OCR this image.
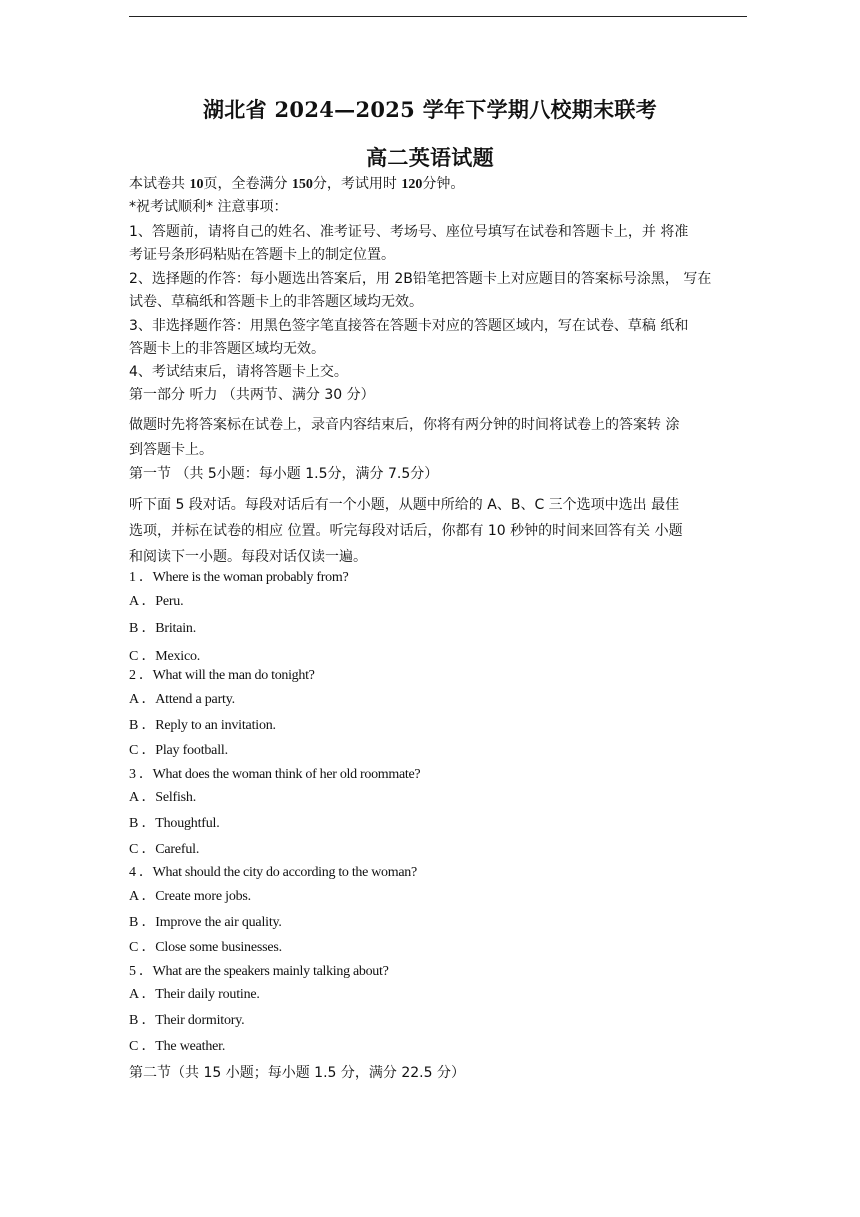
湖北省 2024—2025 学年下学期八校期末联考
高二英语试题
本试卷共 10页，全卷满分 150分，考试用时 120分钟。
*祝考试顺利* 注意事项：
1、答题前，请将自己的姓名、准考证号、考场号、座位号填写在试卷和答题卡上，并 将准
考证号条形码粘贴在答题卡上的制定位置。
2、选择题的作答：每小题选出答案后，用 2B铅笔把答题卡上对应题目的答案标号涂黑， 写在
试卷、草稿纸和答题卡上的非答题区域均无效。
3、非选择题作答：用黑色签字笔直接答在答题卡对应的答题区域内，写在试卷、草稿 纸和
答题卡上的非答题区域均无效。
4、考试结束后，请将答题卡上交。
第一部分 听力 （共两节、满分 30 分）
做题时先将答案标在试卷上，录音内容结束后，你将有两分钟的时间将试卷上的答案转 涂
到答题卡上。
第一节 （共 5小题：每小题 1.5分，满分 7.5分）
听下面 5 段对话。每段对话后有一个小题，从题中所给的 A、B、C 三个选项中选出 最佳
选项，并标在试卷的相应 位置。听完每段对话后，你都有 10 秒钟的时间来回答有关 小题
和阅读下一小题。每段对话仅读一遍。
1 ．Where is the woman probably from?
A ．Peru.
B ．Britain.
C ．Mexico.
2 ．What will the man do tonight?
A ．Attend a party.
B ．Reply to an invitation.
C ．Play football.
3 ．What does the woman think of her old roommate?
A ．Selfish.
B ．Thoughtful.
C ．Careful.
4 ．What should the city do according to the woman?
A ．Create more jobs.
B ．Improve the air quality.
C ．Close some businesses.
5 ．What are the speakers mainly talking about?
A ．Their daily routine.
B ．Their dormitory.
C ．The weather.
第二节（共 15 小题；每小题 1.5 分，满分 22.5 分）
